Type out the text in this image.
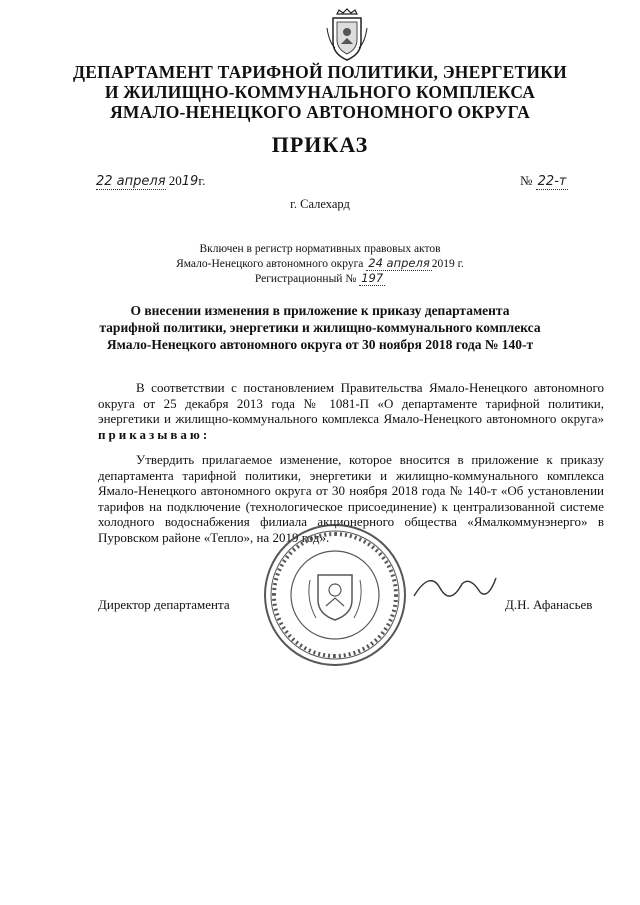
ДЕПАРТАМЕНТ ТАРИФНОЙ ПОЛИТИКИ, ЭНЕРГЕТИКИ
И ЖИЛИЩНО-КОММУНАЛЬНОГО КОМПЛЕКСА
ЯМАЛО-НЕНЕЦКОГО АВТОНОМНОГО ОКРУГА
ПРИКАЗ
22 апреля 2019г.	№ 22-т
г. Салехард
Включен в регистр нормативных правовых актов
Ямало-Ненецкого автономного округа 24 апреля 2019 г.
Регистрационный № 197
О внесении изменения в приложение к приказу департамента
тарифной политики, энергетики и жилищно-коммунального комплекса
Ямало-Ненецкого автономного округа от 30 ноября 2018 года № 140-т
В соответствии с постановлением Правительства Ямало-Ненецкого автономного округа от 25 декабря 2013 года № 1081-П «О департаменте тарифной политики, энергетики и жилищно-коммунального комплекса Ямало-Ненецкого автономного округа» приказываю:
Утвердить прилагаемое изменение, которое вносится в приложение к приказу департамента тарифной политики, энергетики и жилищно-коммунального комплекса Ямало-Ненецкого автономного округа от 30 ноября 2018 года № 140-т «Об установлении тарифов на подключение (технологическое присоединение) к централизованной системе холодного водоснабжения филиала акционерного общества «Ямалкоммунэнерго» в Пуровском районе «Тепло», на 2019 год».
Директор департамента	Д.Н. Афанасьев
